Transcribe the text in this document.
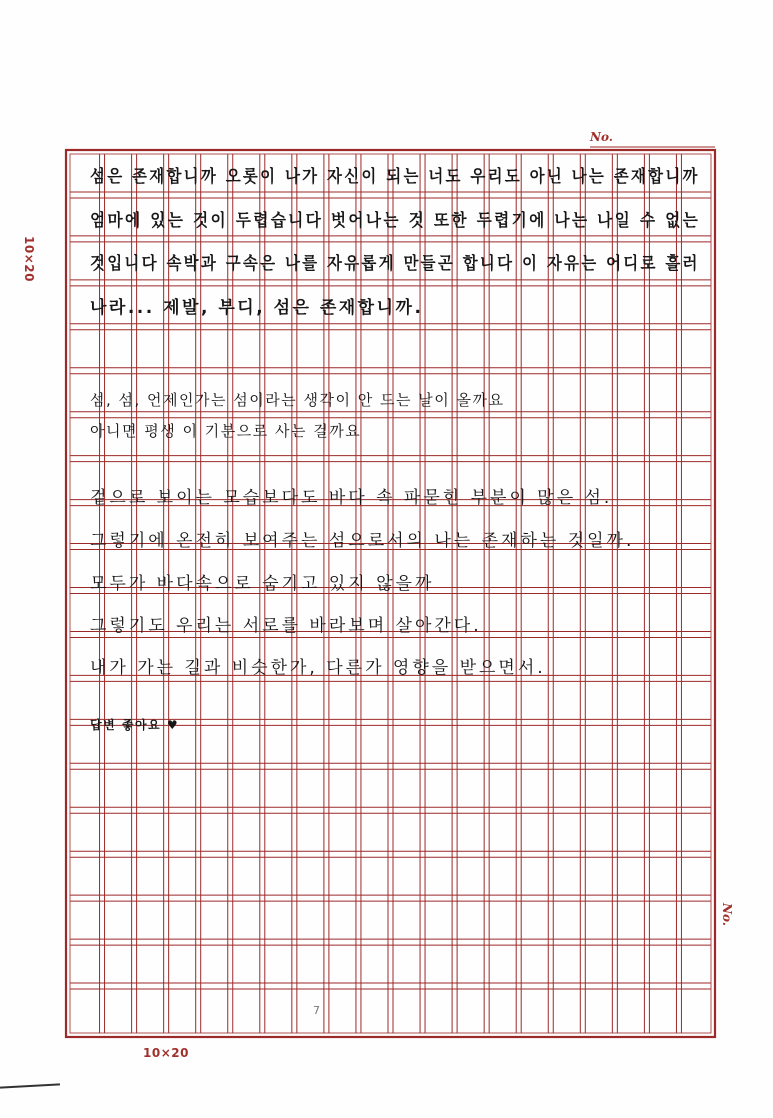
10×20
10×20
No.
No.
7
섬은 존재합니까 오롯이 나가 자신이 되는 너도 우리도 아닌 나는 존재합니까
엄마에 있는 것이 두렵습니다 벗어나는 것 또한 두렵기에 나는 나일 수 없는
것입니다 속박과 구속은 나를 자유롭게 만들곤 합니다 이 자유는 어디로 흘러
나라... 제발, 부디, 섬은 존재합니까.
섬, 섬, 언제인가는 섬이라는 생각이 안 드는 날이 올까요
아니면 평생 이 기분으로 사는 걸까요
겉으로 보이는 모습보다도 바다 속 파묻힌 부분이 많은 섬.
그렇기에 온전히 보여주는 섬으로서의 나는 존재하는 것일까.
모두가 바다속으로 숨기고 있지 않을까
그렇기도 우리는 서로를 바라보며 살아간다.
내가 가는 길과 비슷한가, 다른가 영향을 받으면서.
답변 좋아요 ♥
